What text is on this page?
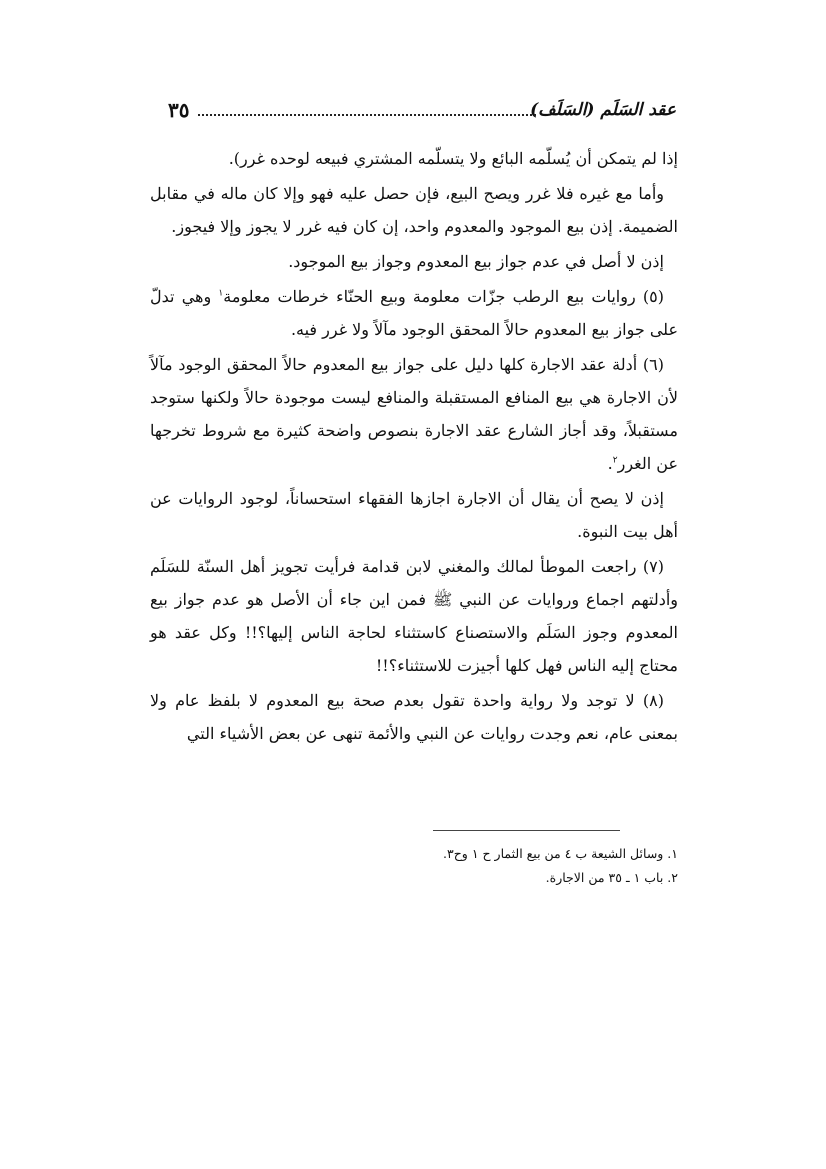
عقد السَلَم (السَلَف)
٣٥

إذا لم يتمكن أن يُسلّمه البائع ولا يتسلّمه المشتري فبيعه لوحده غرر).

وأما مع غيره فلا غرر ويصح البيع، فإن حصل عليه فهو وإلا كان ماله في مقابل الضميمة. إذن بيع الموجود والمعدوم واحد، إن كان فيه غرر لا يجوز وإلا فيجوز.

إذن لا أصل في عدم جواز بيع المعدوم وجواز بيع الموجود.

(٥) روايات بيع الرطب جزّات معلومة وبيع الحنّاء خرطات معلومة$^١$ وهي تدلّ على جواز بيع المعدوم حالاً المحقق الوجود مآلاً ولا غرر فيه.

(٦) أدلة عقد الاجارة كلها دليل على جواز بيع المعدوم حالاً المحقق الوجود مآلاً لأن الاجارة هي بيع المنافع المستقبلة والمنافع ليست موجودة حالاً ولكنها ستوجد مستقبلاً، وقد أجاز الشارع عقد الاجارة بنصوص واضحة كثيرة مع شروط تخرجها عن الغرر$^٢$.

إذن لا يصح أن يقال أن الاجارة اجازها الفقهاء استحساناً، لوجود الروايات عن أهل بيت النبوة.

(٧) راجعت الموطأ لمالك والمغني لابن قدامة فرأيت تجويز أهل السنّة للسَلَم وأدلتهم اجماع وروايات عن النبي ﷺ فمن اين جاء أن الأصل هو عدم جواز بيع المعدوم وجوز السَلَم والاستصناع كاستثناء لحاجة الناس إليها؟!! وكل عقد هو محتاج إليه الناس فهل كلها أجيزت للاستثناء؟!!

(٨) لا توجد ولا رواية واحدة تقول بعدم صحة بيع المعدوم لا بلفظ عام ولا بمعنى عام، نعم وجدت روايات عن النبي والأئمة تنهى عن بعض الأشياء التي

١. وسائل الشيعة ب ٤ من بيع الثمار ح ١ وح٣.
٢. باب ١ ـ ٣٥ من الاجارة.
